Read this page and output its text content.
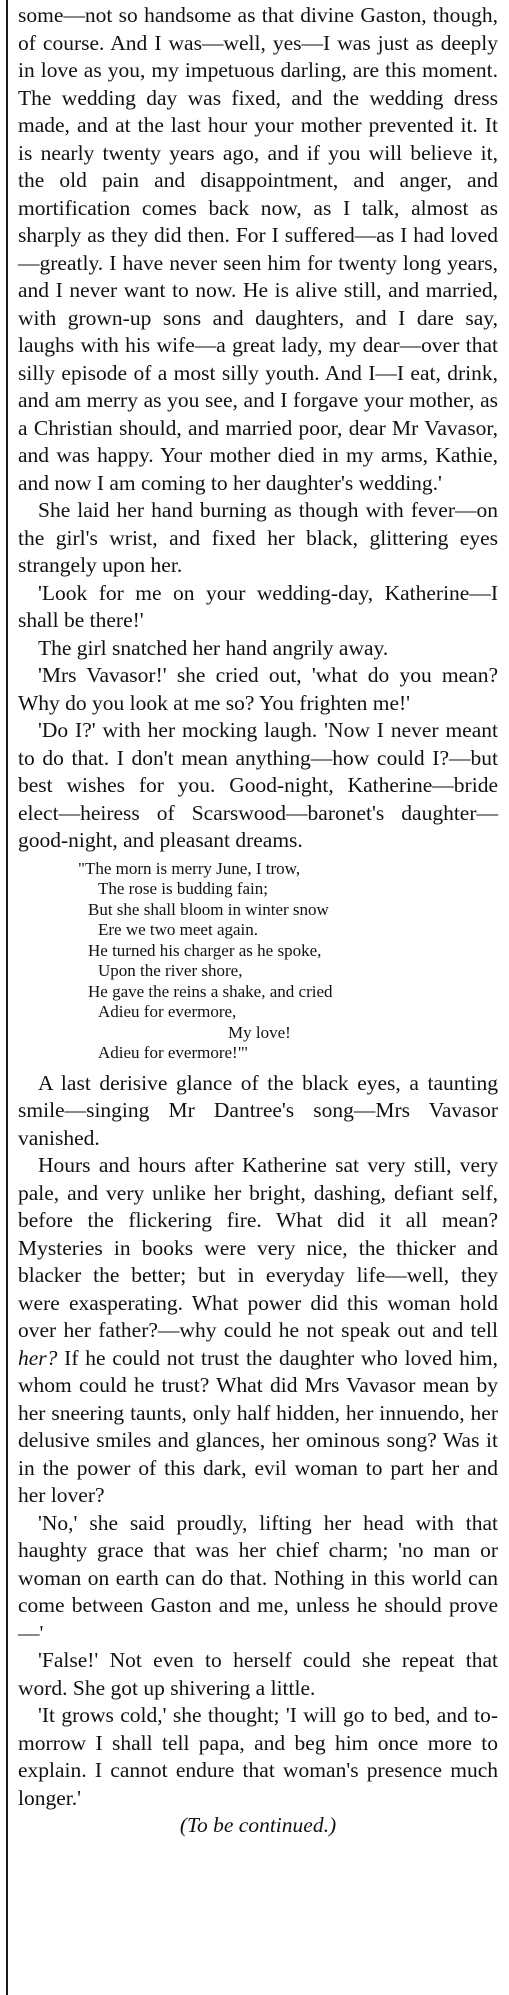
some—not so handsome as that divine Gaston, though, of course. And I was—well, yes—I was just as deeply in love as you, my impetuous darling, are this moment. The wedding day was fixed, and the wedding dress made, and at the last hour your mother prevented it. It is nearly twenty years ago, and if you will believe it, the old pain and disappointment, and anger, and mortification comes back now, as I talk, almost as sharply as they did then. For I suffered—as I had loved—greatly. I have never seen him for twenty long years, and I never want to now. He is alive still, and married, with grown-up sons and daughters, and I dare say, laughs with his wife—a great lady, my dear—over that silly episode of a most silly youth. And I—I eat, drink, and am merry as you see, and I forgave your mother, as a Christian should, and married poor, dear Mr Vavasor, and was happy. Your mother died in my arms, Kathie, and now I am coming to her daughter's wedding.'

She laid her hand burning as though with fever—on the girl's wrist, and fixed her black, glittering eyes strangely upon her.

'Look for me on your wedding-day, Katherine—I shall be there!'

The girl snatched her hand angrily away.

'Mrs Vavasor!' she cried out, 'what do you mean? Why do you look at me so? You frighten me!'

'Do I?' with her mocking laugh. 'Now I never meant to do that. I don't mean anything—how could I?—but best wishes for you. Good-night, Katherine—bride elect—heiress of Scarswood—baronet's daughter—good-night, and pleasant dreams.

"The morn is merry June, I trow,
The rose is budding fain;
But she shall bloom in winter snow
Ere we two meet again.
He turned his charger as he spoke,
Upon the river shore,
He gave the reins a shake, and cried
Adieu for evermore,
My love!
Adieu for evermore!"'

A last derisive glance of the black eyes, a taunting smile—singing Mr Dantree's song—Mrs Vavasor vanished.

Hours and hours after Katherine sat very still, very pale, and very unlike her bright, dashing, defiant self, before the flickering fire. What did it all mean? Mysteries in books were very nice, the thicker and blacker the better; but in everyday life—well, they were exasperating. What power did this woman hold over her father?—why could he not speak out and tell her? If he could not trust the daughter who loved him, whom could he trust? What did Mrs Vavasor mean by her sneering taunts, only half hidden, her innuendo, her delusive smiles and glances, her ominous song? Was it in the power of this dark, evil woman to part her and her lover?

'No,' she said proudly, lifting her head with that haughty grace that was her chief charm; 'no man or woman on earth can do that. Nothing in this world can come between Gaston and me, unless he should prove—'

'False!' Not even to herself could she repeat that word. She got up shivering a little.

'It grows cold,' she thought; 'I will go to bed, and to-morrow I shall tell papa, and beg him once more to explain. I cannot endure that woman's presence much longer.'

(To be continued.)
